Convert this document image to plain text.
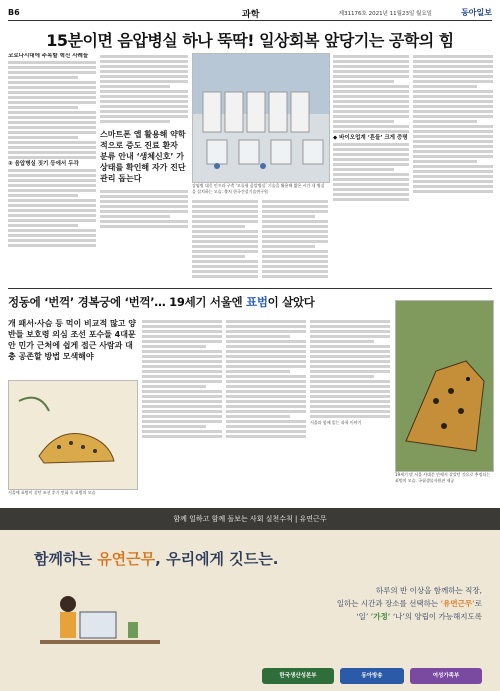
B6	과학	제31176호 2021년 11월23일 월요일	동아일보
15분이면 음압병실 하나 뚝딱! 일상회복 앞당기는 공학의 힘
코로나시대에 주목할 혁신 사례들
② 음압병실 짓기 등에서 두각
스마트폰 앱 활용해 약학적으로 증도 진료 환자 분류 안내 ‘생체신호’ 가 상태를 확인해 자가 진단 관리 돕는다
감염병 대응 인프라 구축 ‘모듈형 음압병실’ 기술을 활용해 짧은 시간 내 병실을 설치하는 모습. 출처 한국건설기술연구원
◆ 바이오업계 ‘흔들’ 크게 증명
정동에 ‘번꺽’ 경복궁에 ‘번꺽’… 19세기 서울엔 표범이 살았다
개 패서·사슴 등 먹이 비교적 많고 양반들 보호령 의심 조선 포수들 4대문 안 민가 근처에 쉽게 접근 사람과 대충 공존할 방법 모색해야
서울에 표범이 살던 조선 후기 민화 속 표범의 모습
서울과 함께 읽는 과학 이야기
19세기 말 서울 사대문 안에서 살았던 것으로 추정되는 표범의 모습. 국립생물자원관 제공
함께 일하고 함께 돌보는 사회 실천수칙 | 유연근무
함께하는 유연근무, 우리에게 깃드는.
하루의 반 이상을 함께하는 직장,
일하는 시간과 장소를 선택하는 ‘유연근무’로
‘일’ ‘가정’ ‘나’의 양립이 가능해지도록
한국생산성본부	동아방송	여성가족부
